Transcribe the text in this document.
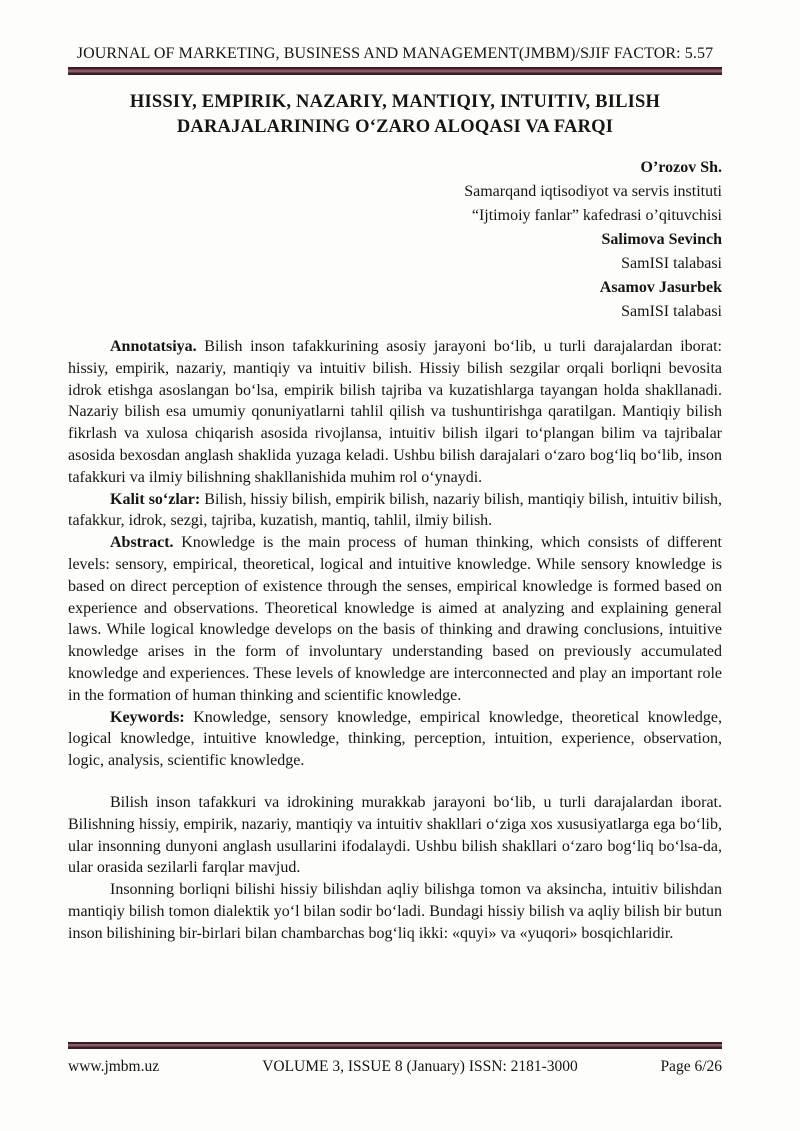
JOURNAL OF MARKETING, BUSINESS AND MANAGEMENT(JMBM)/SJIF FACTOR: 5.57
HISSIY, EMPIRIK, NAZARIY, MANTIQIY, INTUITIV, BILISH
DARAJALARINING O‘ZARO ALOQASI VA FARQI
O’rozov Sh.
Samarqand iqtisodiyot va servis instituti
“Ijtimoiy fanlar” kafedrasi o’qituvchisi
Salimova Sevinch
SamISI talabasi
Asamov Jasurbek
SamISI talabasi

Annotatsiya. Bilish inson tafakkurining asosiy jarayoni bo‘lib, u turli darajalardan iborat: hissiy, empirik, nazariy, mantiqiy va intuitiv bilish. Hissiy bilish sezgilar orqali borliqni bevosita idrok etishga asoslangan bo‘lsa, empirik bilish tajriba va kuzatishlarga tayangan holda shakllanadi. Nazariy bilish esa umumiy qonuniyatlarni tahlil qilish va tushuntirishga qaratilgan. Mantiqiy bilish fikrlash va xulosa chiqarish asosida rivojlansa, intuitiv bilish ilgari to‘plangan bilim va tajribalar asosida bexosdan anglash shaklida yuzaga keladi. Ushbu bilish darajalari o‘zaro bog‘liq bo‘lib, inson tafakkuri va ilmiy bilishning shakllanishida muhim rol o‘ynaydi.

Kalit so‘zlar: Bilish, hissiy bilish, empirik bilish, nazariy bilish, mantiqiy bilish, intuitiv bilish, tafakkur, idrok, sezgi, tajriba, kuzatish, mantiq, tahlil, ilmiy bilish.

Abstract. Knowledge is the main process of human thinking, which consists of different levels: sensory, empirical, theoretical, logical and intuitive knowledge. While sensory knowledge is based on direct perception of existence through the senses, empirical knowledge is formed based on experience and observations. Theoretical knowledge is aimed at analyzing and explaining general laws. While logical knowledge develops on the basis of thinking and drawing conclusions, intuitive knowledge arises in the form of involuntary understanding based on previously accumulated knowledge and experiences. These levels of knowledge are interconnected and play an important role in the formation of human thinking and scientific knowledge.

Keywords: Knowledge, sensory knowledge, empirical knowledge, theoretical knowledge, logical knowledge, intuitive knowledge, thinking, perception, intuition, experience, observation, logic, analysis, scientific knowledge.

Bilish inson tafakkuri va idrokining murakkab jarayoni bo‘lib, u turli darajalardan iborat. Bilishning hissiy, empirik, nazariy, mantiqiy va intuitiv shakllari o‘ziga xos xususiyatlarga ega bo‘lib, ular insonning dunyoni anglash usullarini ifodalaydi. Ushbu bilish shakllari o‘zaro bog‘liq bo‘lsa-da, ular orasida sezilarli farqlar mavjud.

Insonning borliqni bilishi hissiy bilishdan aqliy bilishga tomon va aksincha, intuitiv bilishdan mantiqiy bilish tomon dialektik yo‘l bilan sodir bo‘ladi. Bundagi hissiy bilish va aqliy bilish bir butun inson bilishining bir-birlari bilan chambarchas bog‘liq ikki: «quyi» va «yuqori» bosqichlaridir.

www.jmbm.uz	VOLUME 3, ISSUE 8 (January) ISSN: 2181-3000	Page 6/26
